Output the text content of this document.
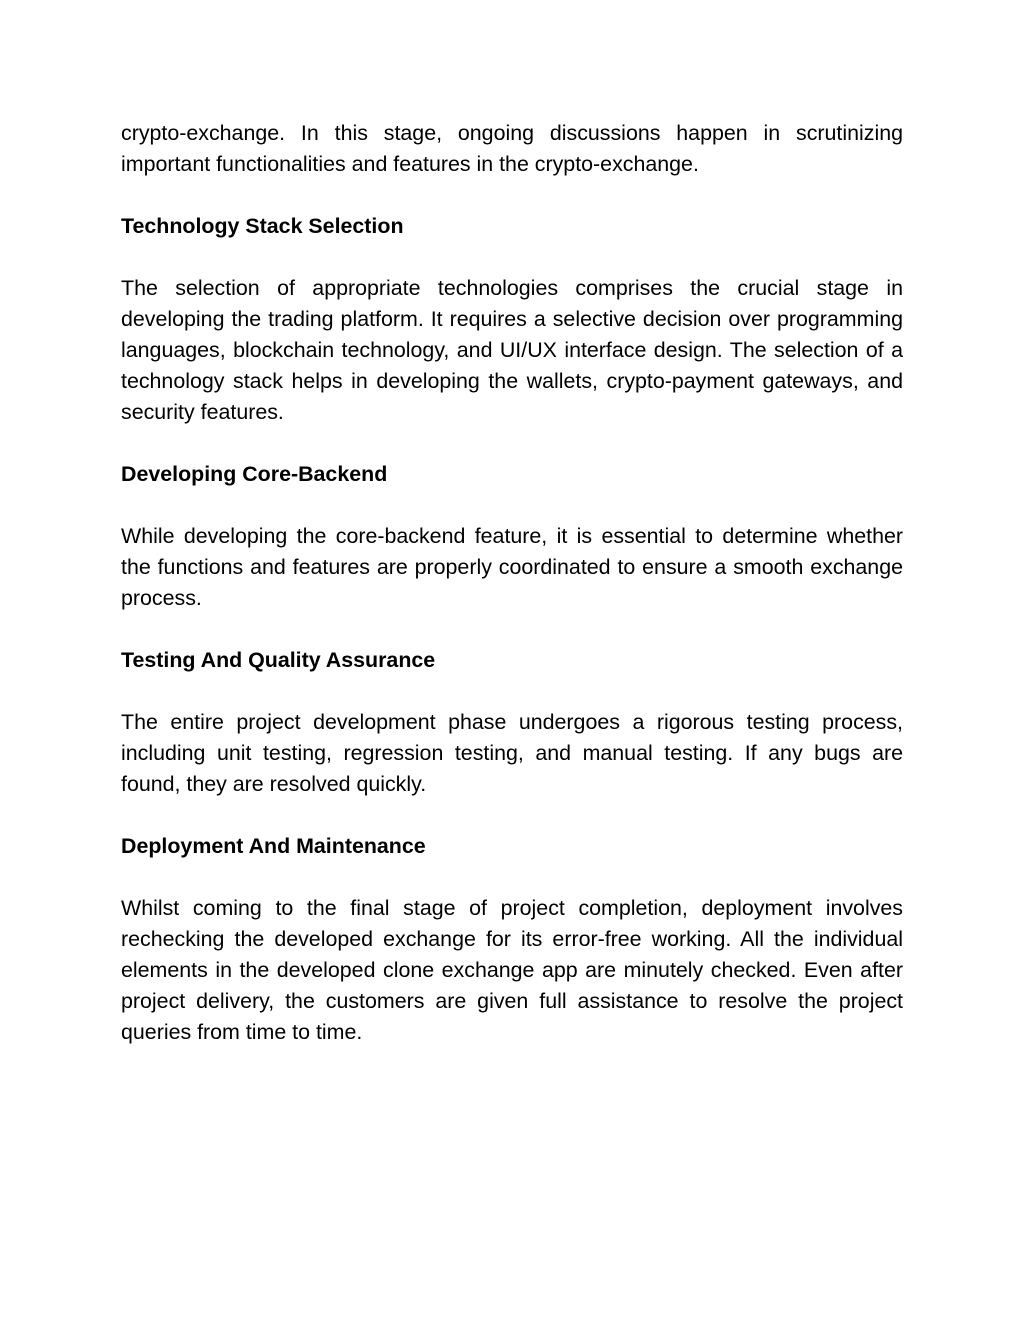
crypto-exchange. In this stage, ongoing discussions happen in scrutinizing important functionalities and features in the crypto-exchange.

Technology Stack Selection

The selection of appropriate technologies comprises the crucial stage in developing the trading platform. It requires a selective decision over programming languages, blockchain technology, and UI/UX interface design. The selection of a technology stack helps in developing the wallets, crypto-payment gateways, and security features.

Developing Core-Backend

While developing the core-backend feature, it is essential to determine whether the functions and features are properly coordinated to ensure a smooth exchange process.

Testing And Quality Assurance

The entire project development phase undergoes a rigorous testing process, including unit testing, regression testing, and manual testing. If any bugs are found, they are resolved quickly.

Deployment And Maintenance

Whilst coming to the final stage of project completion, deployment involves rechecking the developed exchange for its error-free working. All the individual elements in the developed clone exchange app are minutely checked. Even after project delivery, the customers are given full assistance to resolve the project queries from time to time.
